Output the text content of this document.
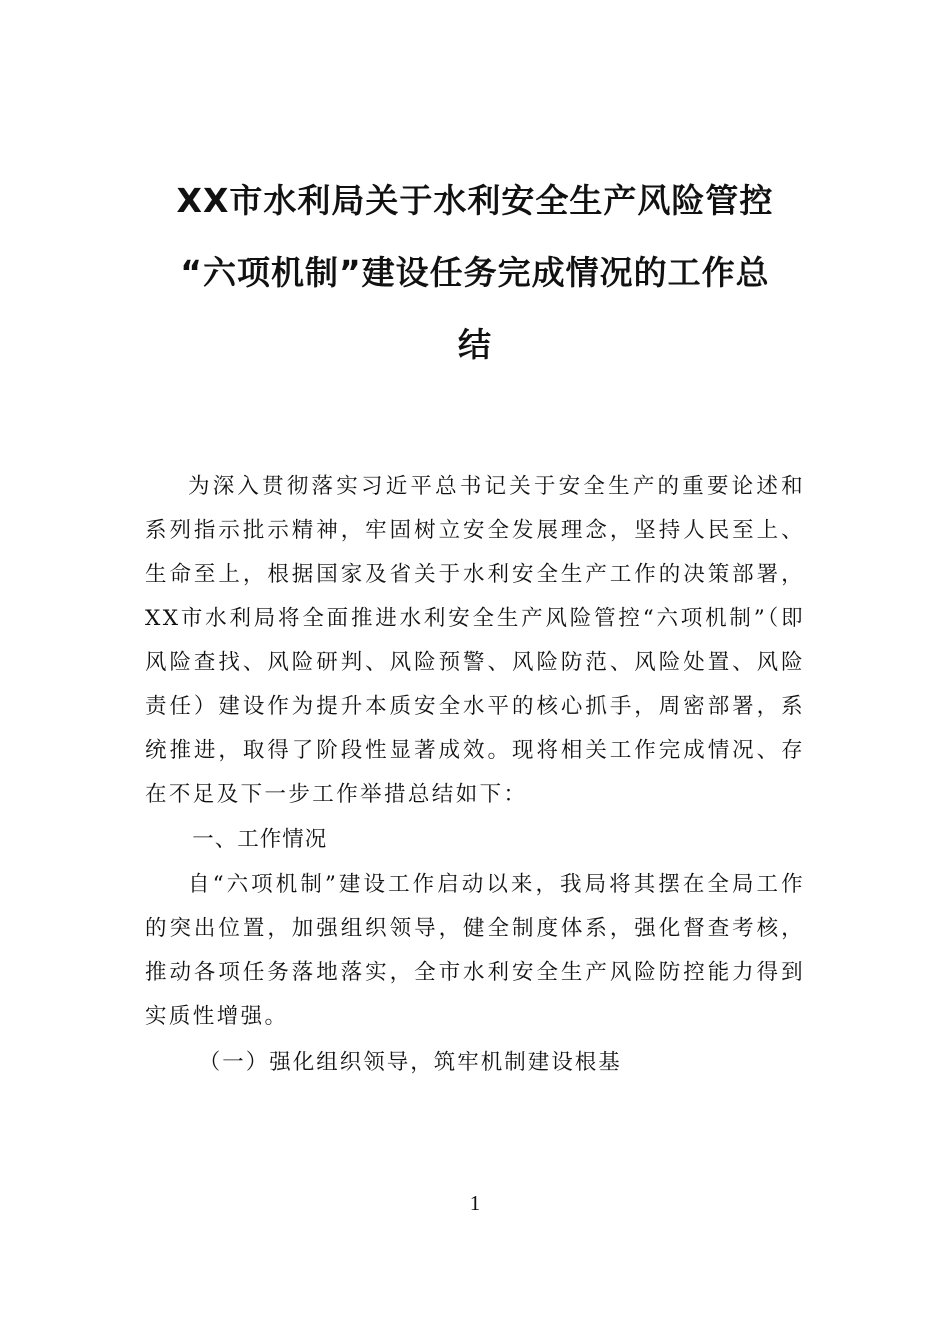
XX市水利局关于水利安全生产风险管控
“六项机制”建设任务完成情况的工作总
结

为深入贯彻落实习近平总书记关于安全生产的重要论述和系列指示批示精神，牢固树立安全发展理念，坚持人民至上、生命至上，根据国家及省关于水利安全生产工作的决策部署，XX市水利局将全面推进水利安全生产风险管控“六项机制”（即风险查找、风险研判、风险预警、风险防范、风险处置、风险责任）建设作为提升本质安全水平的核心抓手，周密部署，系统推进，取得了阶段性显著成效。现将相关工作完成情况、存在不足及下一步工作举措总结如下：

一、工作情况

自“六项机制”建设工作启动以来，我局将其摆在全局工作的突出位置，加强组织领导，健全制度体系，强化督查考核，推动各项任务落地落实，全市水利安全生产风险防控能力得到实质性增强。

（一）强化组织领导，筑牢机制建设根基

1
